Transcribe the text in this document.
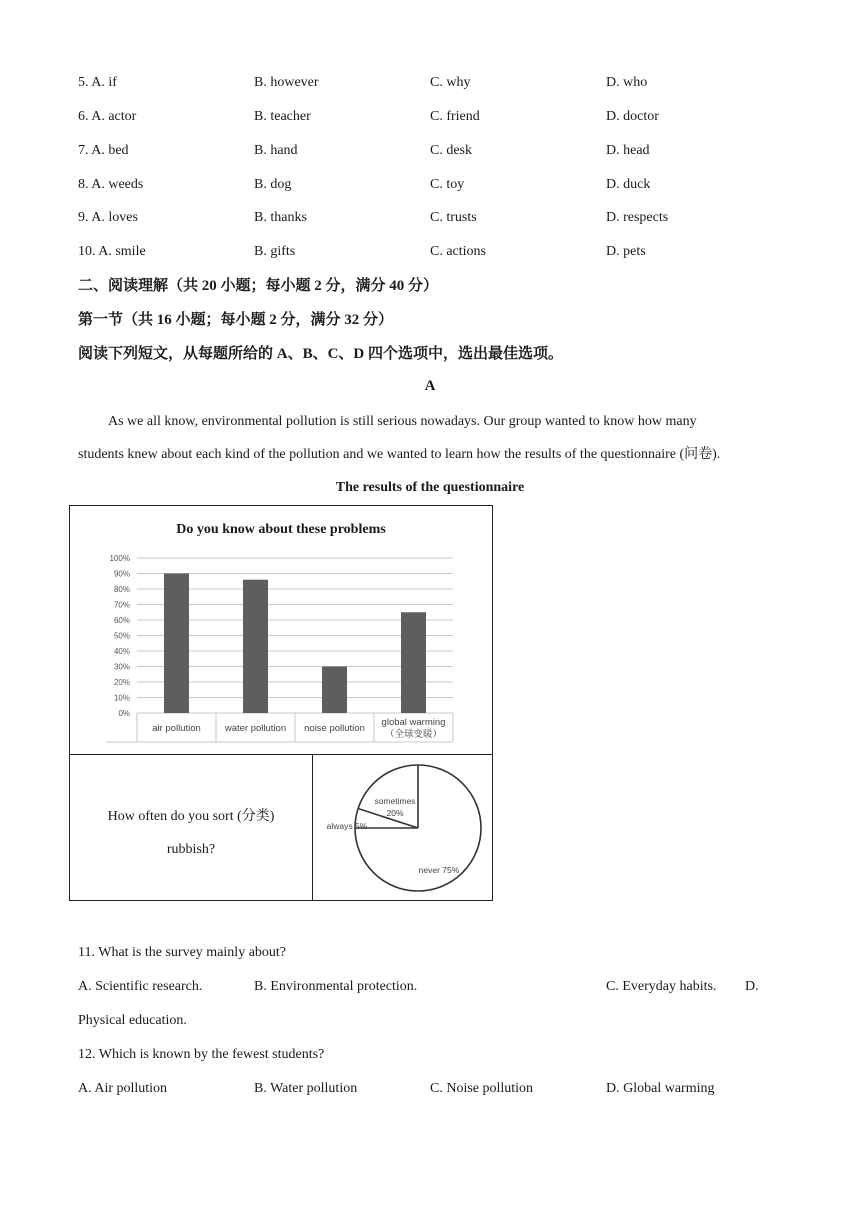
5. A. if	B. however	C. why	D. who
6. A. actor	B. teacher	C. friend	D. doctor
7. A. bed	B. hand	C. desk	D. head
8. A. weeds	B. dog	C. toy	D. duck
9. A. loves	B. thanks	C. trusts	D. respects
10. A. smile	B. gifts	C. actions	D. pets
二、阅读理解（共 20 小题；每小题 2 分，满分 40 分）
第一节（共 16 小题；每小题 2 分，满分 32 分）
阅读下列短文，从每题所给的 A、B、C、D 四个选项中，选出最佳选项。
A
As we all know, environmental pollution is still serious nowadays. Our group wanted to know how many
students knew about each kind of the pollution and we wanted to learn how the results of the questionnaire (问卷).
The results of the questionnaire
Do you know about these problems
0%
10%
20%
30%
40%
50%
60%
70%
80%
90%
100%
air pollution	water pollution noise pollution
global warming
（全球变暖）
How often do you sort (分类)
rubbish?
always 5%
sometimes
20%
never 75%
11. What is the survey mainly about?
A. Scientific research.	B. Environmental protection.	C. Everyday habits. D.
Physical education.
12. Which is known by the fewest students?
A. Air pollution	B. Water pollution	C. Noise pollution	D. Global warming
